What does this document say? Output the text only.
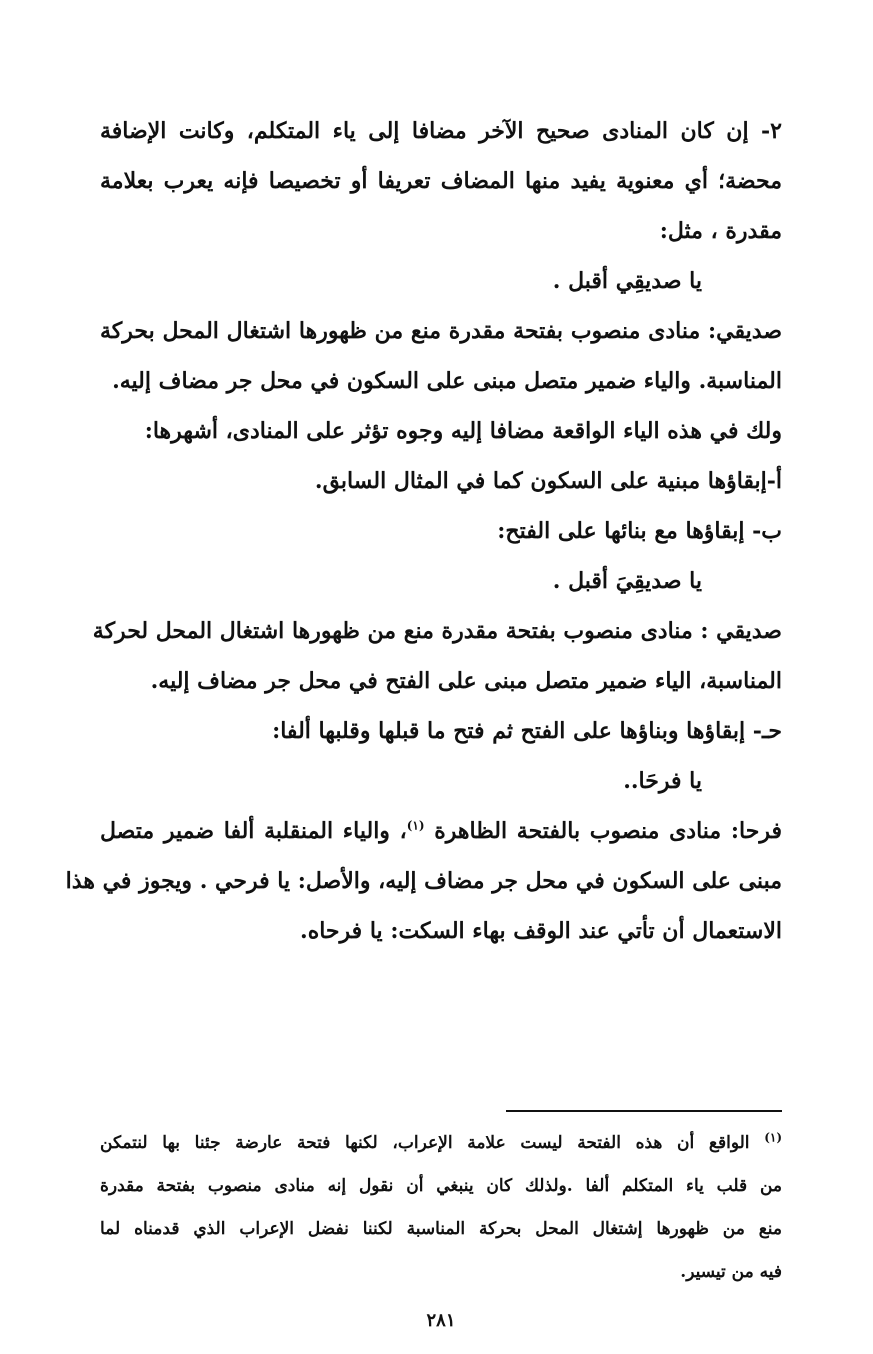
٢- إن كان المنادى صحيح الآخر مضافا إلى ياء المتكلم، وكانت الإضافة
محضة؛ أي معنوية يفيد منها المضاف تعريفا أو تخصيصا فإنه يعرب بعلامة
مقدرة ، مثل:
يا صديقِي أقبل .
صديقي: منادى منصوب بفتحة مقدرة منع من ظهورها اشتغال المحل بحركة
المناسبة. والياء ضمير متصل مبنى على السكون في محل جر مضاف إليه.
ولك في هذه الياء الواقعة مضافا إليه وجوه تؤثر على المنادى، أشهرها:
أ-إبقاؤها مبنية على السكون كما في المثال السابق.
ب- إبقاؤها مع بنائها على الفتح:
يا صديقِيَ أقبل .
صديقي : منادى منصوب بفتحة مقدرة منع من ظهورها اشتغال المحل لحركة
المناسبة، الياء ضمير متصل مبنى على الفتح في محل جر مضاف إليه.
حـ- إبقاؤها وبناؤها على الفتح ثم فتح ما قبلها وقلبها ألفا:
يا فرحَا..
فرحا: منادى منصوب بالفتحة الظاهرة $^{(١)}$، والياء المنقلبة ألفا ضمير متصل
مبنى على السكون في محل جر مضاف إليه، والأصل: يا فرحي . ويجوز في هذا
الاستعمال أن تأتي عند الوقف بهاء السكت: يا فرحاه.
$^{(١)}$ الواقع أن هذه الفتحة ليست علامة الإعراب، لكنها فتحة عارضة جئنا بها لنتمكن
من قلب ياء المتكلم ألفا .ولذلك كان ينبغي أن نقول إنه منادى منصوب بفتحة مقدرة
منع من ظهورها إشتغال المحل بحركة المناسبة لكننا نفضل الإعراب الذي قدمناه لما
فيه من تيسير.
٢٨١
